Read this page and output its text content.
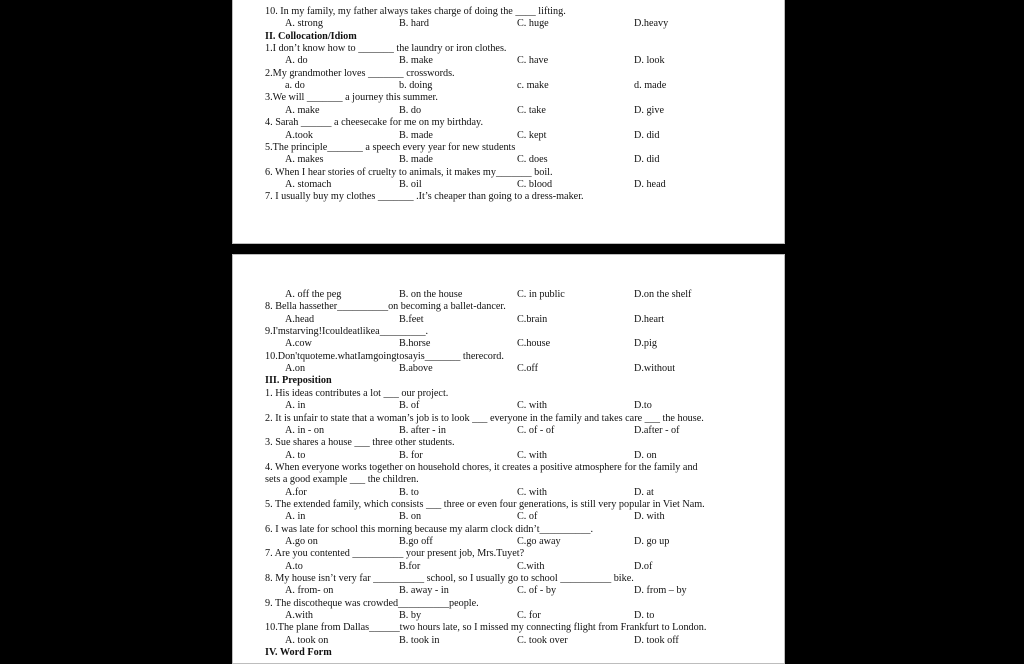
10. In my family, my father always takes charge of doing the ____ lifting.
A. strong	B. hard	C. huge	D.heavy
II. Collocation/Idiom
1.I don’t know how to _______ the laundry or iron clothes.
A. do	B. make	C. have	D. look
2.My grandmother loves _______ crosswords.
a. do	b. doing	c. make	d. made
3.We will _______ a journey this summer.
A. make	B. do	C. take	D. give
4. Sarah ______ a cheesecake for me on my birthday.
A.took	B. made	C. kept	D. did
5.The principle_______ a speech every year for new students
A. makes	B. made	C. does	D. did
6. When I hear stories of cruelty to animals, it makes my_______ boil.
A. stomach	B. oil	C. blood	D. head
7. I usually buy my clothes _______ .It’s cheaper than going to a dress-maker.
A. off the peg	B. on the house	C. in public	D.on the shelf
8. Bella hassether__________on becoming a ballet-dancer.
A.head	B.feet	C.brain	D.heart
9.I'mstarving!Icouldeatlikea_________.
A.cow	B.horse	C.house	D.pig
10.Don'tquoteme.whatIamgoingtosayis_______ therecord.
A.on	B.above	C.off	D.without
III. Preposition
1. His ideas contributes a lot ___ our project.
A. in	B. of	C. with	D.to
2. It is unfair to state that a woman’s job is to look ___ everyone in the family and takes care ___ the house.
A. in - on	B. after - in	C. of - of	D.after - of
3. Sue shares a house ___ three other students.
A. to	B. for	C. with	D. on
4. When everyone works together on household chores, it creates a positive atmosphere for the family and
sets a good example ___ the children.
A.for	B. to	C. with	D. at
5. The extended family, which consists ___ three or even four generations, is still very popular in Viet Nam.
A. in	B. on	C. of	D. with
6. I was late for school this morning because my alarm clock didn’t__________.
A.go on	B.go off	C.go away	D. go up
7. Are you contented __________ your present job, Mrs.Tuyet?
A.to	B.for	C.with	D.of
8. My house isn’t very far __________ school, so I usually go to school __________ bike.
A. from- on	B. away - in	C. of - by	D. from – by
9. The discotheque was crowded__________people.
A.with	B. by	C. for	D. to
10.The plane from Dallas______two hours late, so I missed my connecting flight from Frankfurt to London.
A. took on	B. took in	C. took over	D. took off
IV. Word Form
